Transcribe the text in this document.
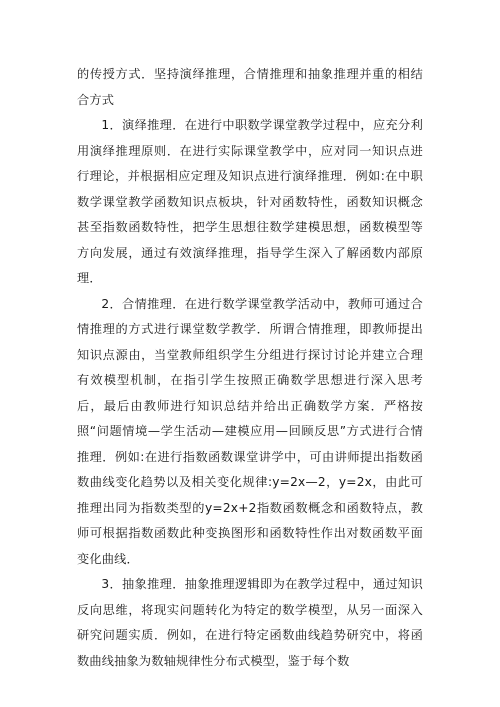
的传授方式．坚持演绎推理，合情推理和抽象推理并重的相结合方式

1．演绎推理．在进行中职数学课堂教学过程中，应充分利用演绎推理原则．在进行实际课堂教学中，应对同一知识点进行理论，并根据相应定理及知识点进行演绎推理．例如:在中职数学课堂教学函数知识点板块，针对函数特性，函数知识概念甚至指数函数特性，把学生思想往数学建模思想，函数模型等方向发展，通过有效演绎推理，指导学生深入了解函数内部原理．

2．合情推理．在进行数学课堂教学活动中，教师可通过合情推理的方式进行课堂数学教学．所谓合情推理，即教师提出知识点源由，当堂教师组织学生分组进行探讨讨论并建立合理有效模型机制，在指引学生按照正确数学思想进行深入思考后，最后由教师进行知识总结并给出正确数学方案．严格按照“问题情境—学生活动—建模应用—回顾反思”方式进行合情推理．例如:在进行指数函数课堂讲学中，可由讲师提出指数函数曲线变化趋势以及相关变化规律:y=2x—2，y=2x，由此可推理出同为指数类型的y=2x+2指数函数概念和函数特点，教师可根据指数函数此种变换图形和函数特性作出对数函数平面变化曲线．

3．抽象推理．抽象推理逻辑即为在教学过程中，通过知识反向思维，将现实问题转化为特定的数学模型，从另一面深入研究问题实质．例如，在进行特定函数曲线趋势研究中，将函数曲线抽象为数轴规律性分布式模型，鉴于每个数
